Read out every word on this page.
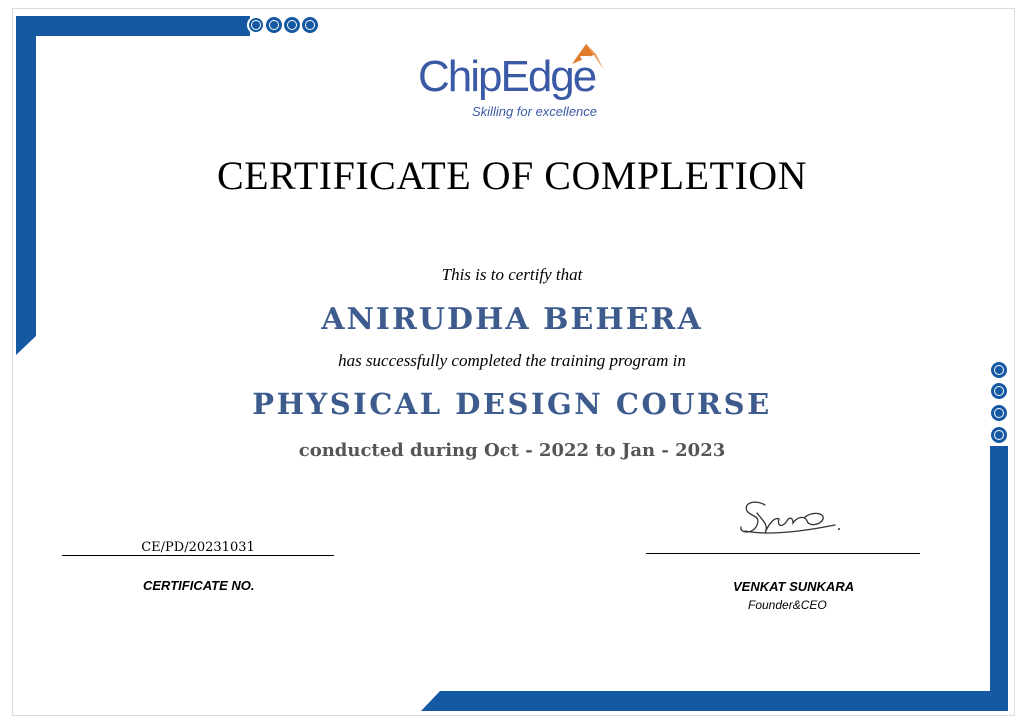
ChipEdge
Skilling for excellence
CERTIFICATE OF COMPLETION
This is to certify that
ANIRUDHA BEHERA
has successfully completed the training program in
PHYSICAL DESIGN COURSE
conducted during Oct - 2022 to Jan - 2023
CE/PD/20231031
CERTIFICATE NO.	VENKAT SUNKARA
Founder&CEO
